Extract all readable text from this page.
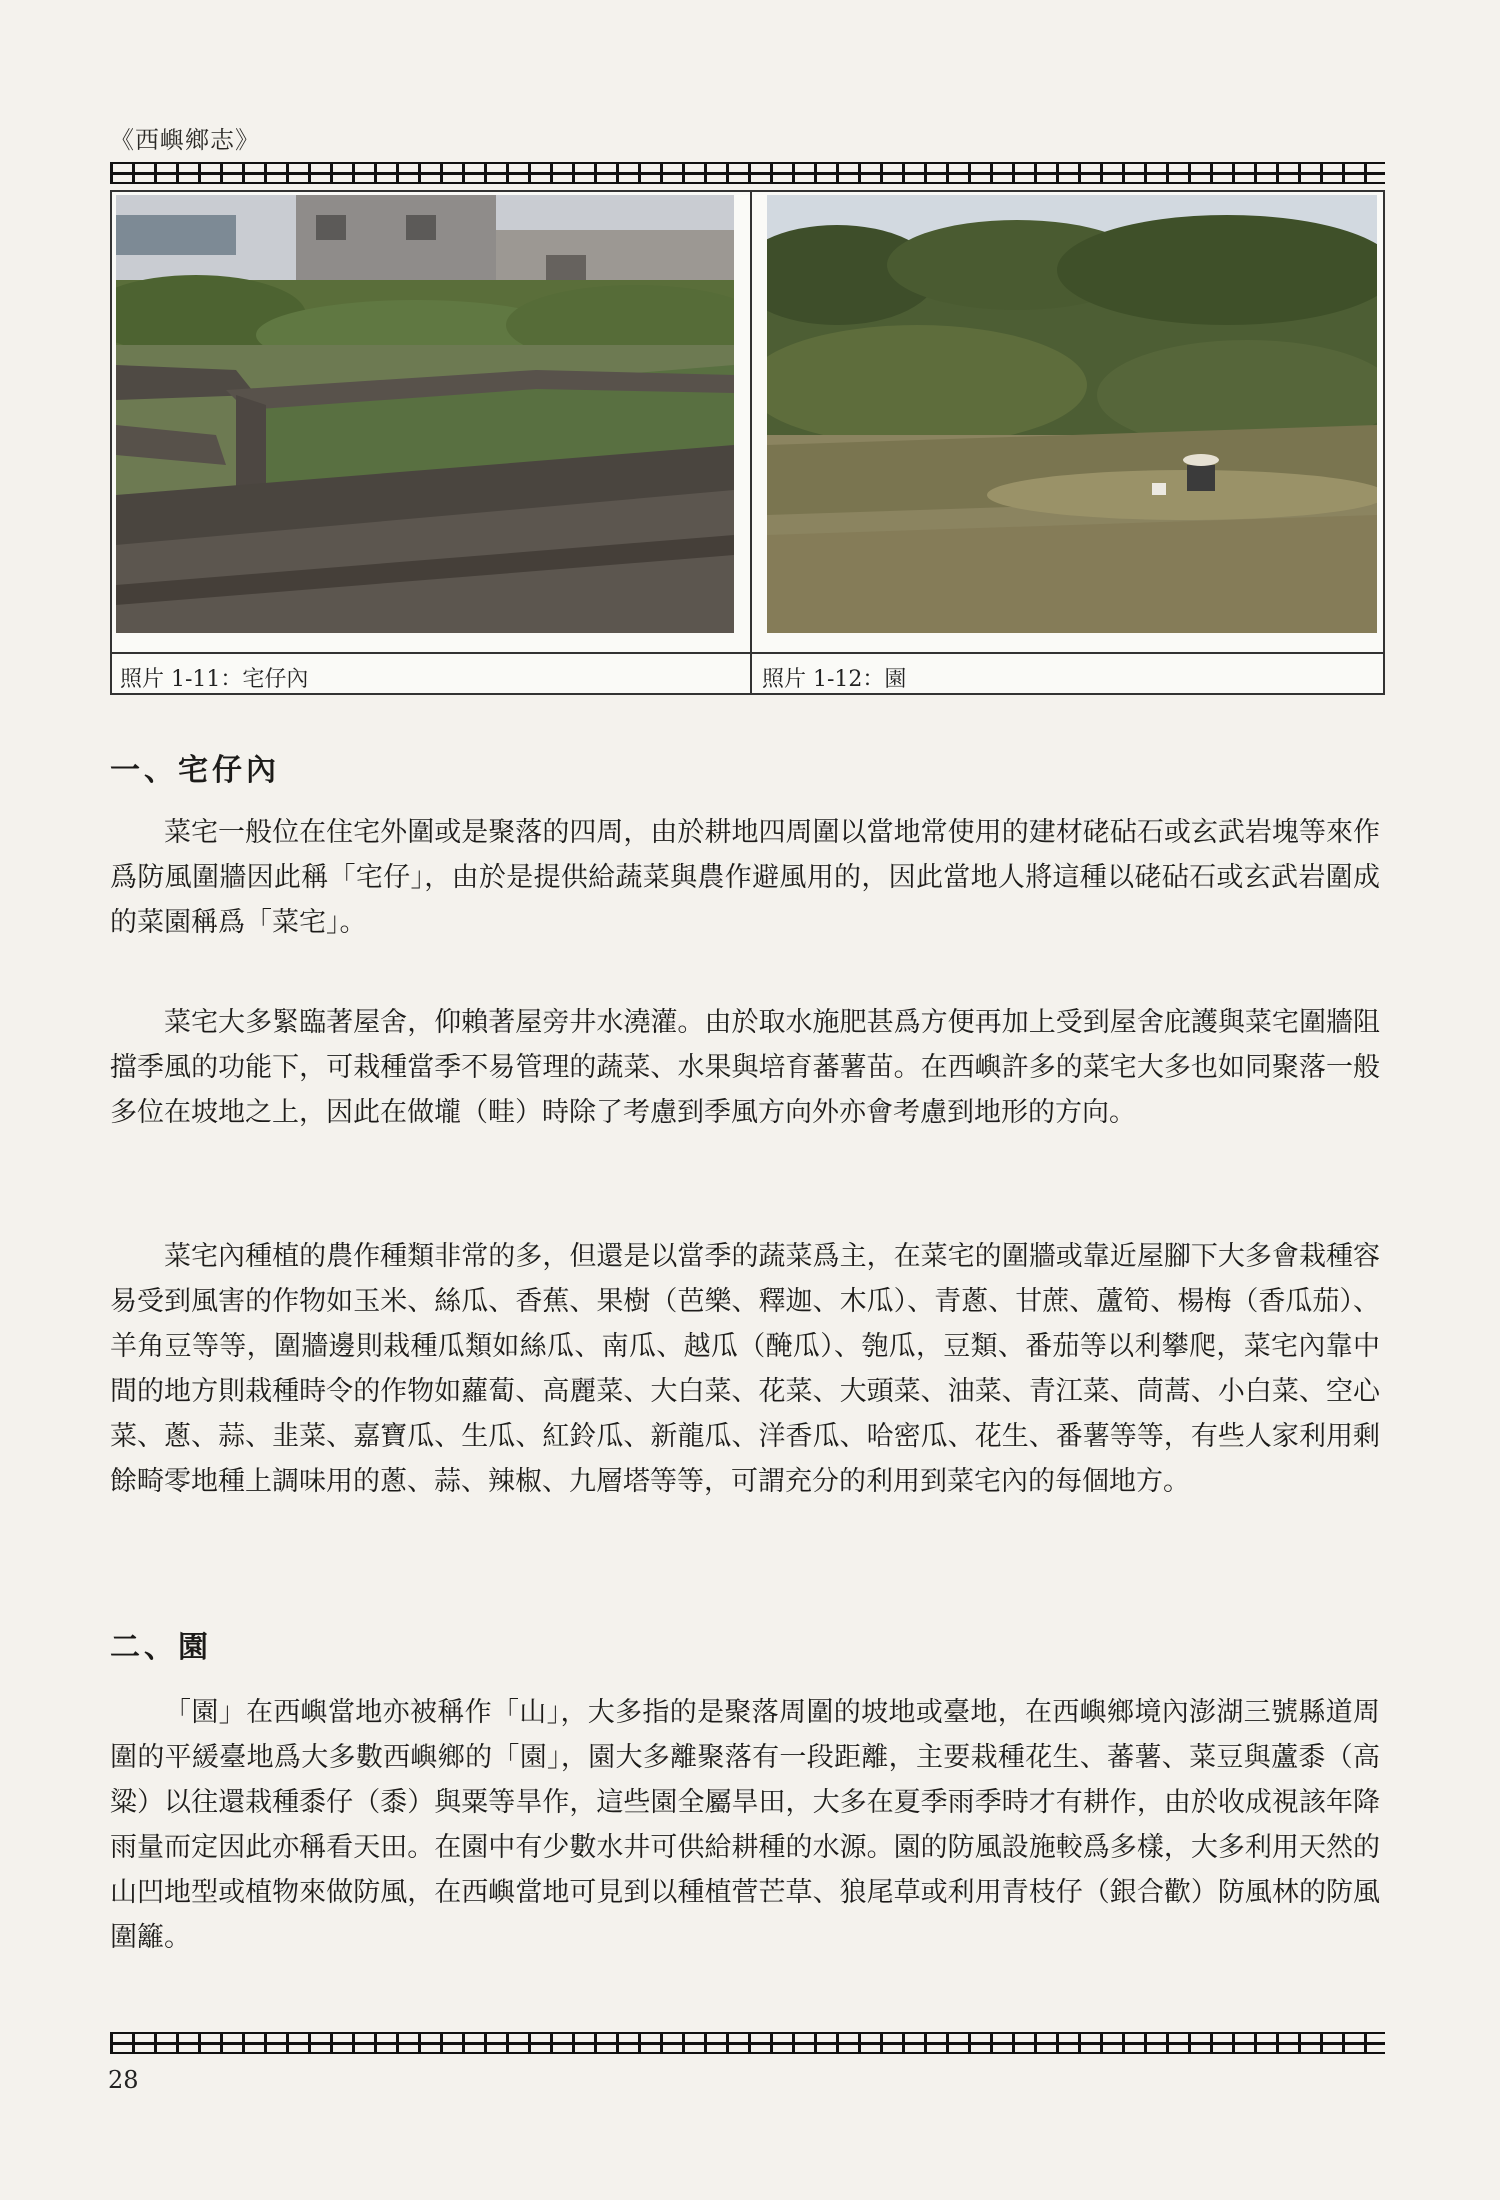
《西嶼鄉志》
照片 1-11：宅仔內	照片 1-12：園
一、宅仔內

菜宅一般位在住宅外圍或是聚落的四周，由於耕地四周圍以當地常使用的建材硓砧石或玄武岩塊等來作爲防風圍牆因此稱「宅仔」，由於是提供給蔬菜與農作避風用的，因此當地人將這種以硓砧石或玄武岩圍成的菜園稱爲「菜宅」。

菜宅大多緊臨著屋舍，仰賴著屋旁井水澆灌。由於取水施肥甚爲方便再加上受到屋舍庇護與菜宅圍牆阻擋季風的功能下，可栽種當季不易管理的蔬菜、水果與培育蕃薯苗。在西嶼許多的菜宅大多也如同聚落一般多位在坡地之上，因此在做壠（畦）時除了考慮到季風方向外亦會考慮到地形的方向。

菜宅內種植的農作種類非常的多，但還是以當季的蔬菜爲主，在菜宅的圍牆或靠近屋腳下大多會栽種容易受到風害的作物如玉米、絲瓜、香蕉、果樹（芭樂、釋迦、木瓜）、青蔥、甘蔗、蘆筍、楊梅（香瓜茄）、羊角豆等等，圍牆邊則栽種瓜類如絲瓜、南瓜、越瓜（醃瓜）、匏瓜，豆類、番茄等以利攀爬，菜宅內靠中間的地方則栽種時令的作物如蘿蔔、高麗菜、大白菜、花菜、大頭菜、油菜、青江菜、茼蒿、小白菜、空心菜、蔥、蒜、韭菜、嘉寶瓜、生瓜、紅鈴瓜、新龍瓜、洋香瓜、哈密瓜、花生、番薯等等，有些人家利用剩餘畸零地種上調味用的蔥、蒜、辣椒、九層塔等等，可謂充分的利用到菜宅內的每個地方。

二、園

「園」在西嶼當地亦被稱作「山」，大多指的是聚落周圍的坡地或臺地，在西嶼鄉境內澎湖三號縣道周圍的平緩臺地爲大多數西嶼鄉的「園」，園大多離聚落有一段距離，主要栽種花生、蕃薯、菜豆與蘆黍（高粱）以往還栽種黍仔（黍）與粟等旱作，這些園全屬旱田，大多在夏季雨季時才有耕作，由於收成視該年降雨量而定因此亦稱看天田。在園中有少數水井可供給耕種的水源。園的防風設施較爲多樣，大多利用天然的山凹地型或植物來做防風，在西嶼當地可見到以種植菅芒草、狼尾草或利用青枝仔（銀合歡）防風林的防風圍籬。

28
